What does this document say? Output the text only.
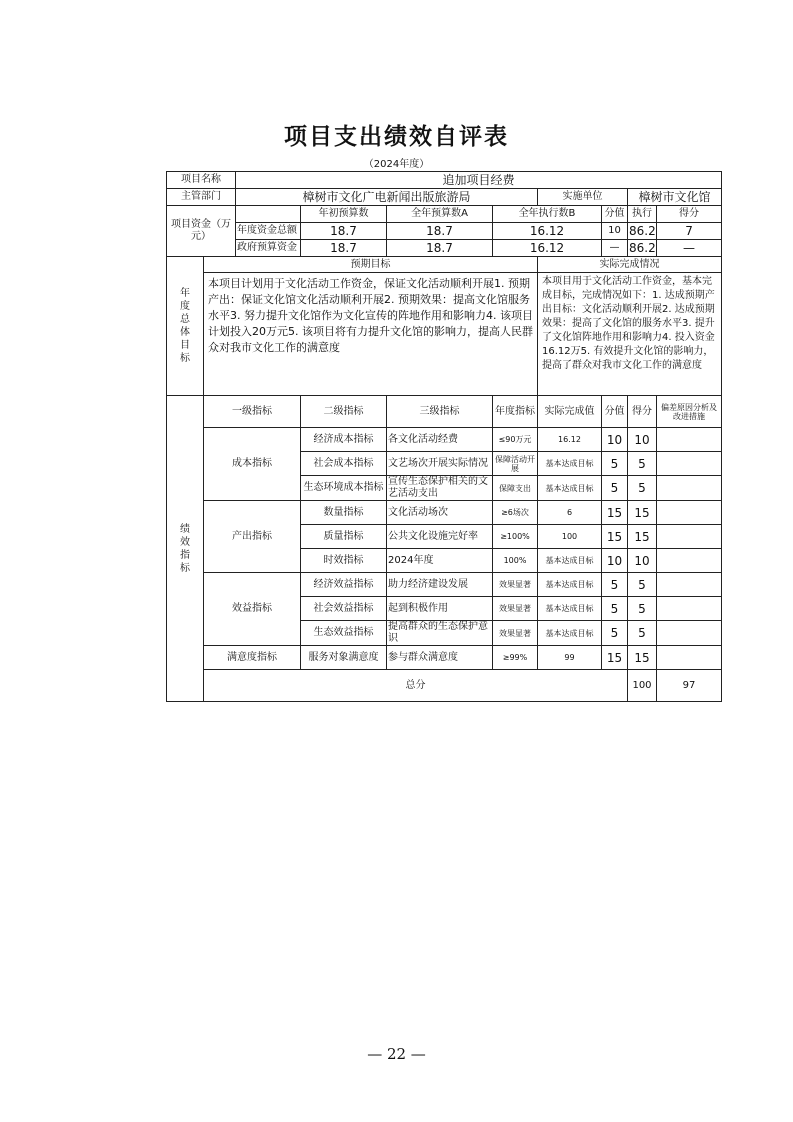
项目支出绩效自评表
（2024年度）
项目名称		追加项目经费								
主管部门		樟树市文化广电新闻出版旅游局				实施单位		樟树市文化馆		
项目资金（万元）			年初预算数	全年预算数A	全年执行数B		分值	执行	得分	
		年度资金总额	18.7	18.7	16.12		10	86.2	7	
		政府预算资金	18.7	18.7	16.12		—	86.2	—	

年度总体目标	预期目标					实际完成情况				
	本项目计划用于文化活动工作资金，保证文化活动顺利开展1. 预期产出：保证文化馆文化活动顺利开展2. 预期效果：提高文化馆服务水平3. 努力提升文化馆作为文化宣传的阵地作用和影响力4. 该项目计划投入20万元5. 该项目将有力提升文化馆的影响力，提高人民群众对我市文化工作的满意度					本项目用于文化活动工作资金，基本完成目标，完成情况如下：1. 达成预期产出目标：文化活动顺利开展2. 达成预期效果：提高了文化馆的服务水平3. 提升了文化馆阵地作用和影响力4. 投入资金16.12万5. 有效提升文化馆的影响力，提高了群众对我市文化工作的满意度				

绩效指标	一级指标		二级指标	三级指标	年度指标	实际完成值	分值	得分	偏差原因分析及改进措施	
	成本指标		经济成本指标	各文化活动经费	≤90万元	16.12	10	10		
			社会成本指标	文艺场次开展实际情况	保障活动开展	基本达成目标	5	5		
			生态环境成本指标	宣传生态保护相关的文艺活动支出	保障支出	基本达成目标	5	5		
	产出指标		数量指标	文化活动场次	≥6场次	6	15	15		
			质量指标	公共文化设施完好率	≥100%	100	15	15		
			时效指标	2024年度	100%	基本达成目标	10	10		
	效益指标		经济效益指标	助力经济建设发展	效果显著	基本达成目标	5	5		
			社会效益指标	起到积极作用	效果显著	基本达成目标	5	5		
			生态效益指标	提高群众的生态保护意识	效果显著	基本达成目标	5	5		
	满意度指标		服务对象满意度	参与群众满意度	≥99%	99	15	15		
	总分							100	97	
— 22 —
